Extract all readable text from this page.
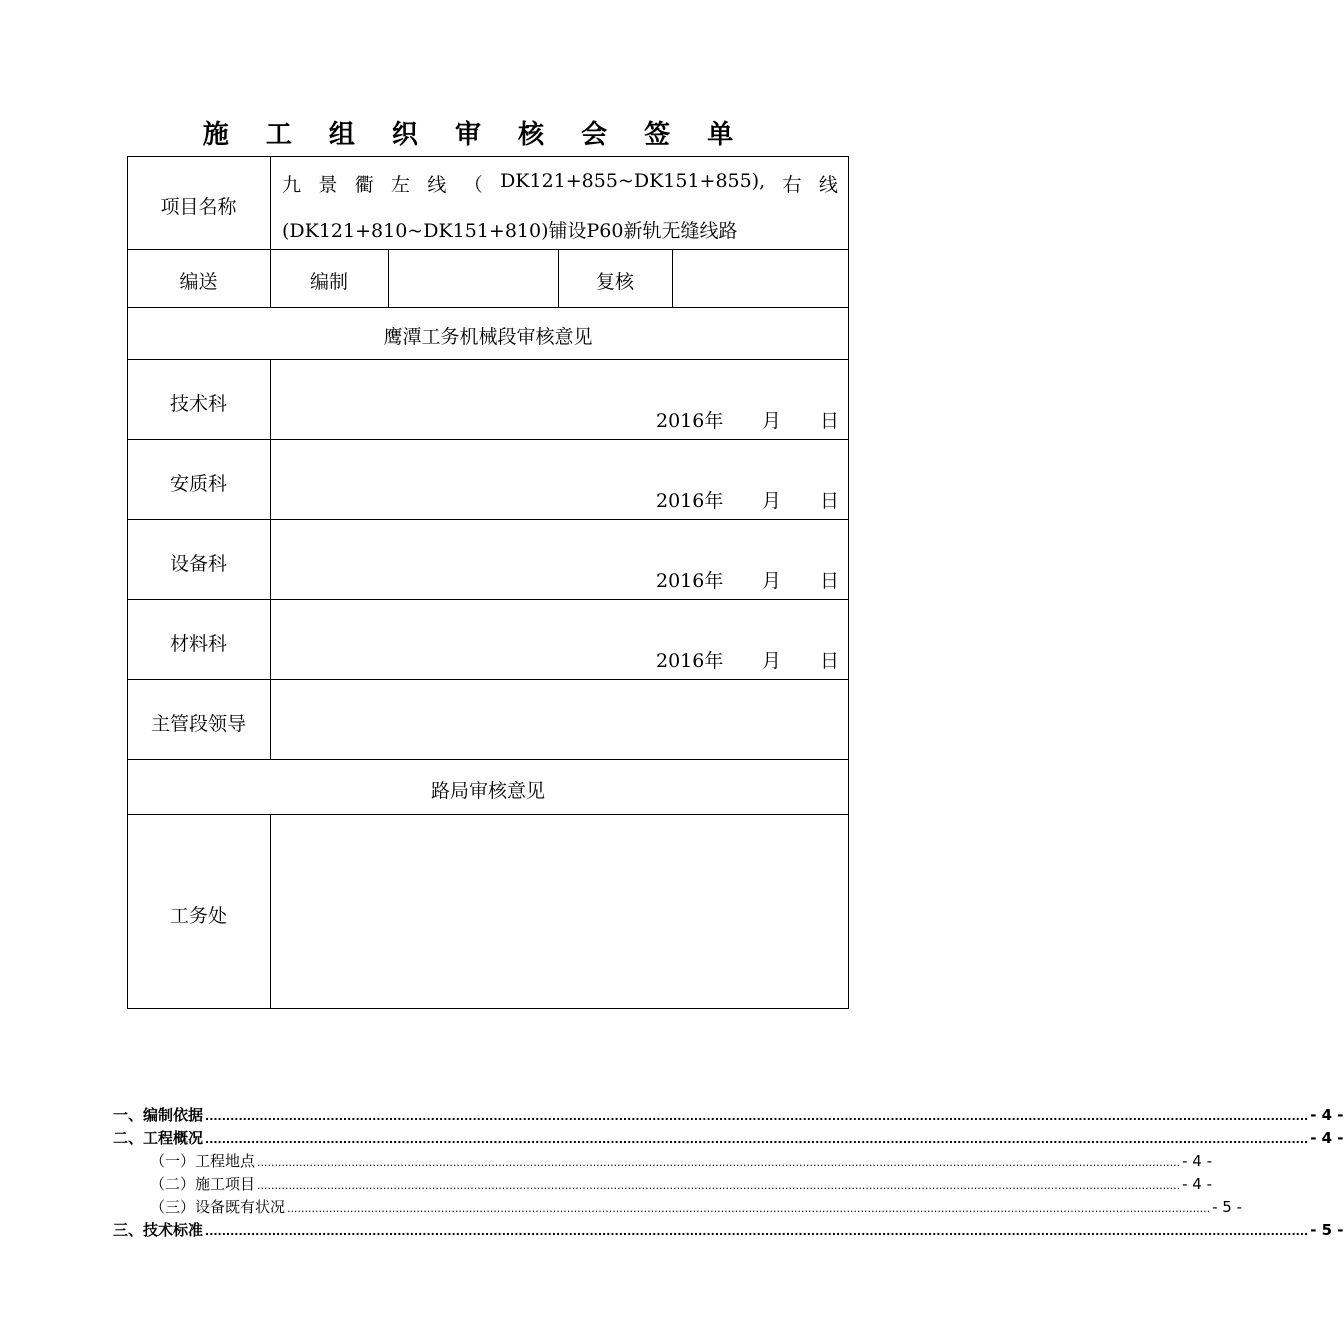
施 工 组 织 审 核 会 签 单
项目名称
九 景 衢 左 线 （ DK121+855~DK151+855), 右 线
(DK121+810~DK151+810)铺设P60新轨无缝线路
编送	编制	复核
鹰潭工务机械段审核意见
技术科
2016年 月 日
安质科
2016年 月 日
设备科
2016年 月 日
材料科
2016年 月 日
主管段领导
路局审核意见
工务处
一、编制依据 ........................................................................................................................................................................................................................................................................ - 4 -
二、工程概况 ........................................................................................................................................................................................................................................................................ - 4 -
（一）工程地点 ........................................................................................................................................................................................................................................................................ - 4 -
（二）施工项目 ........................................................................................................................................................................................................................................................................ - 4 -
（三）设备既有状况 ........................................................................................................................................................................................................................................................................ - 5 -
三、技术标准 ........................................................................................................................................................................................................................................................................ - 5 -
